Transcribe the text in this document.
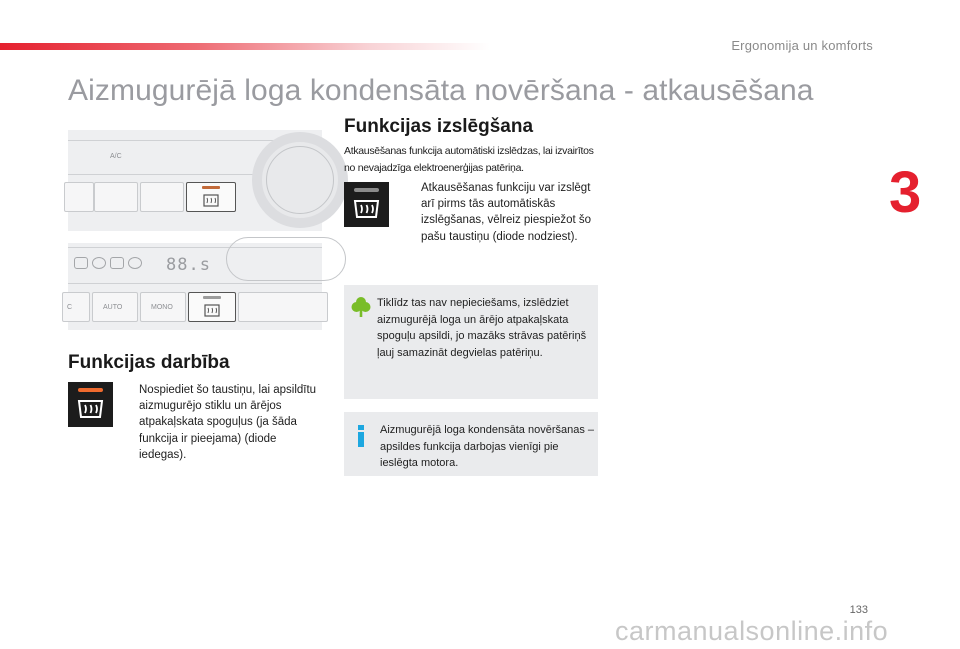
Ergonomija un komforts
Aizmugurējā loga kondensāta novēršana - atkausēšana
3
A/C
88.s
C	AUTO	MONO
Funkcijas darbība
Nospiediet šo taustiņu, lai apsildītu aizmugurējo stiklu un ārējos atpakaļskata spoguļus (ja šāda funkcija ir pieejama) (diode iedegas).
Funkcijas izslēgšana

Atkausēšanas funkcija automātiski izslēdzas, lai izvairītos no nevajadzīga elektroenerģijas patēriņa.

Atkausēšanas funkciju var izslēgt arī pirms tās automātiskās izslēgšanas, vēlreiz piespiežot šo pašu taustiņu (diode nodziest).
Tiklīdz tas nav nepieciešams, izslēdziet aizmugurējā loga un ārējo atpakaļskata spoguļu apsildi, jo mazāks strāvas patēriņš ļauj samazināt degvielas patēriņu.
Aizmugurējā loga kondensāta novēršanas – apsildes funkcija darbojas vienīgi pie ieslēgta motora.
133
carmanualsonline.info
